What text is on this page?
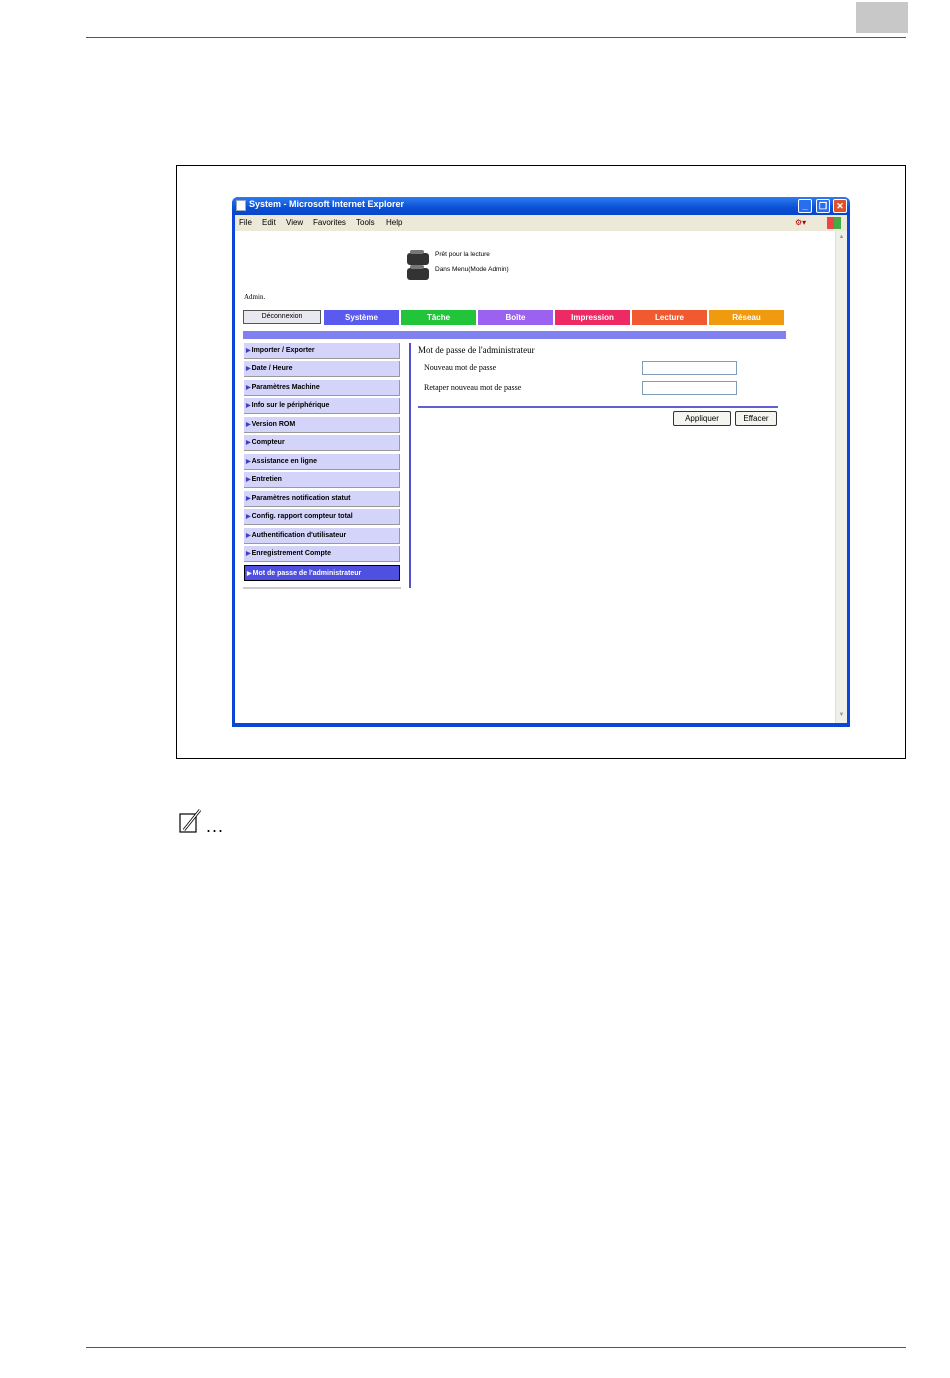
System - Microsoft Internet Explorer	_	❐	✕
File Edit View Favorites Tools Help	⚙▾
Prêt pour la lecture
Dans Menu(Mode Admin)
Admin.
Déconnexion	Système	Tâche	Boîte	Impression	Lecture	Réseau
▶Importer / Exporter
▶Date / Heure
▶Paramètres Machine
▶Info sur le périphérique
▶Version ROM
▶Compteur
▶Assistance en ligne
▶Entretien
▶Paramètres notification statut
▶Config. rapport compteur total
▶Authentification d'utilisateur
▶Enregistrement Compte
▶Mot de passe de l'administrateur
Mot de passe de l'administrateur
Nouveau mot de passe
Retaper nouveau mot de passe
Appliquer	Effacer
▲
▼
...
